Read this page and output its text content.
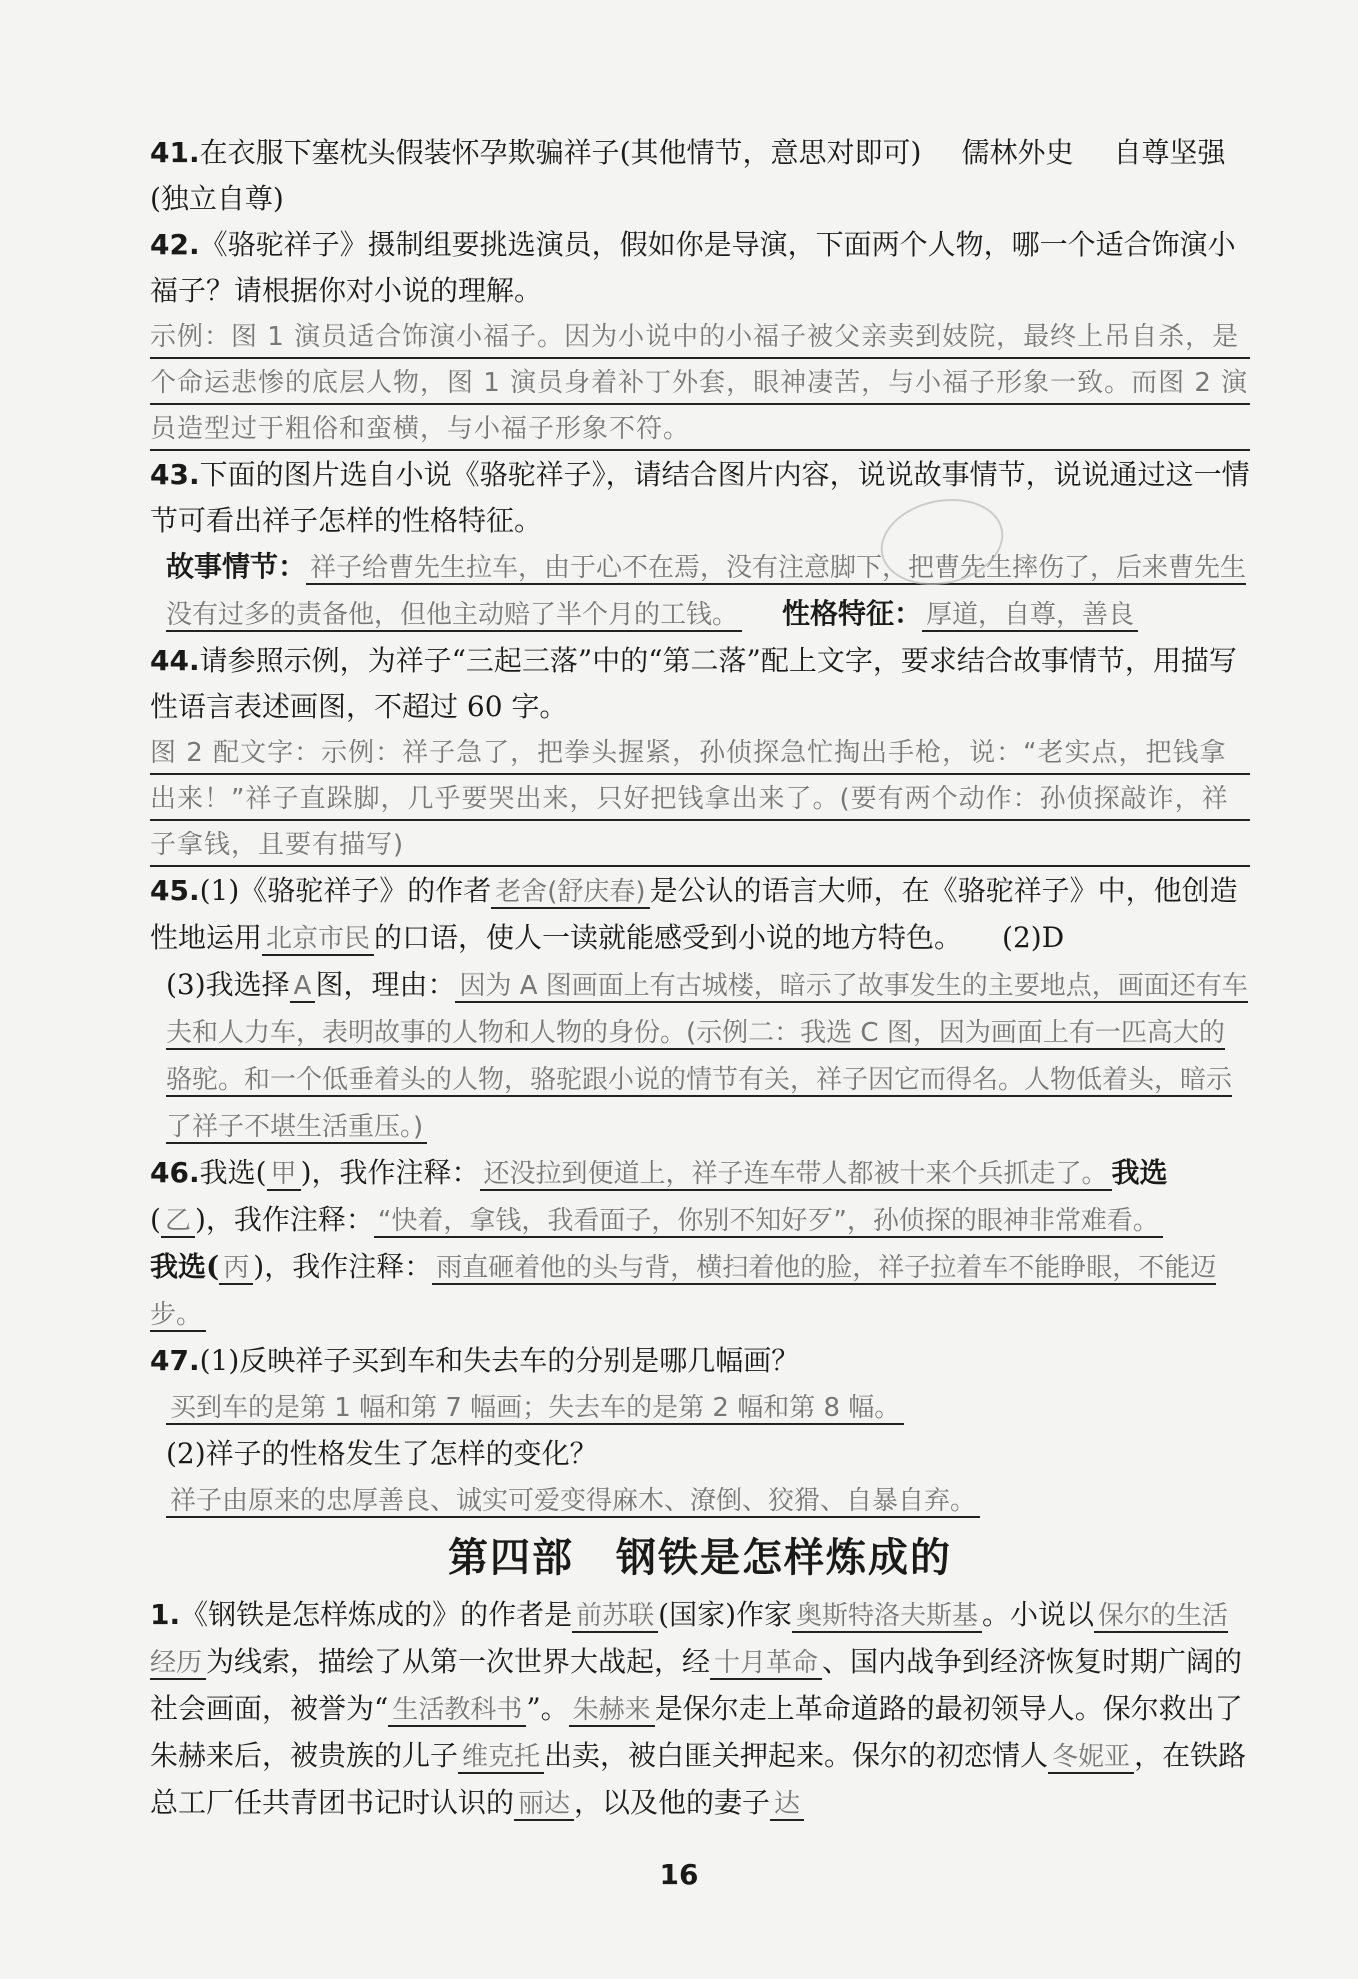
41.在衣服下塞枕头假装怀孕欺骗祥子(其他情节，意思对即可) 儒林外史 自尊坚强(独立自尊)
42.《骆驼祥子》摄制组要挑选演员，假如你是导演，下面两个人物，哪一个适合饰演小福子？请根据你对小说的理解。
示例：图 1 演员适合饰演小福子。因为小说中的小福子被父亲卖到妓院，最终上吊自杀，是个命运悲惨的底层人物，图 1 演员身着补丁外套，眼神凄苦，与小福子形象一致。而图 2 演员造型过于粗俗和蛮横，与小福子形象不符。
43.下面的图片选自小说《骆驼祥子》，请结合图片内容，说说故事情节，说说通过这一情节可看出祥子怎样的性格特征。
故事情节： 祥子给曹先生拉车，由于心不在焉，没有注意脚下，把曹先生摔伤了，后来曹先生没有过多的责备他，但他主动赔了半个月的工钱。 性格特征： 厚道，自尊，善良
44.请参照示例，为祥子“三起三落”中的“第二落”配上文字，要求结合故事情节，用描写性语言表述画图，不超过 60 字。
图 2 配文字：示例：祥子急了，把拳头握紧，孙侦探急忙掏出手枪，说：“老实点，把钱拿出来！”祥子直跺脚，几乎要哭出来，只好把钱拿出来了。(要有两个动作：孙侦探敲诈，祥子拿钱，且要有描写)
45.(1)《骆驼祥子》的作者 老舍(舒庆春) 是公认的语言大师，在《骆驼祥子》中，他创造性地运用 北京市民 的口语，使人一读就能感受到小说的地方特色。 (2)D
(3)我选择 A 图，理由： 因为 A 图画面上有古城楼，暗示了故事发生的主要地点，画面还有车夫和人力车，表明故事的人物和人物的身份。(示例二：我选 C 图，因为画面上有一匹高大的骆驼。和一个低垂着头的人物，骆驼跟小说的情节有关，祥子因它而得名。人物低着头，暗示了祥子不堪生活重压。)
46.我选( 甲 )，我作注释： 还没拉到便道上，祥子连车带人都被十来个兵抓走了。 我选
( 乙 )，我作注释： “快着，拿钱，我看面子，你别不知好歹”，孙侦探的眼神非常难看。
我选( 丙 )，我作注释： 雨直砸着他的头与背，横扫着他的脸，祥子拉着车不能睁眼，不能迈步。
47.(1)反映祥子买到车和失去车的分别是哪几幅画？
买到车的是第 1 幅和第 7 幅画；失去车的是第 2 幅和第 8 幅。
(2)祥子的性格发生了怎样的变化？
祥子由原来的忠厚善良、诚实可爱变得麻木、潦倒、狡猾、自暴自弃。
第四部　钢铁是怎样炼成的
1.《钢铁是怎样炼成的》的作者是 前苏联 (国家)作家 奥斯特洛夫斯基 。小说以 保尔的生活经历 为线索，描绘了从第一次世界大战起，经 十月革命 、国内战争到经济恢复时期广阔的社会画面，被誉为“ 生活教科书 ”。 朱赫来 是保尔走上革命道路的最初领导人。保尔救出了朱赫来后，被贵族的儿子 维克托 出卖，被白匪关押起来。保尔的初恋情人 冬妮亚 ，在铁路总工厂任共青团书记时认识的 丽达 ，以及他的妻子 达
16
